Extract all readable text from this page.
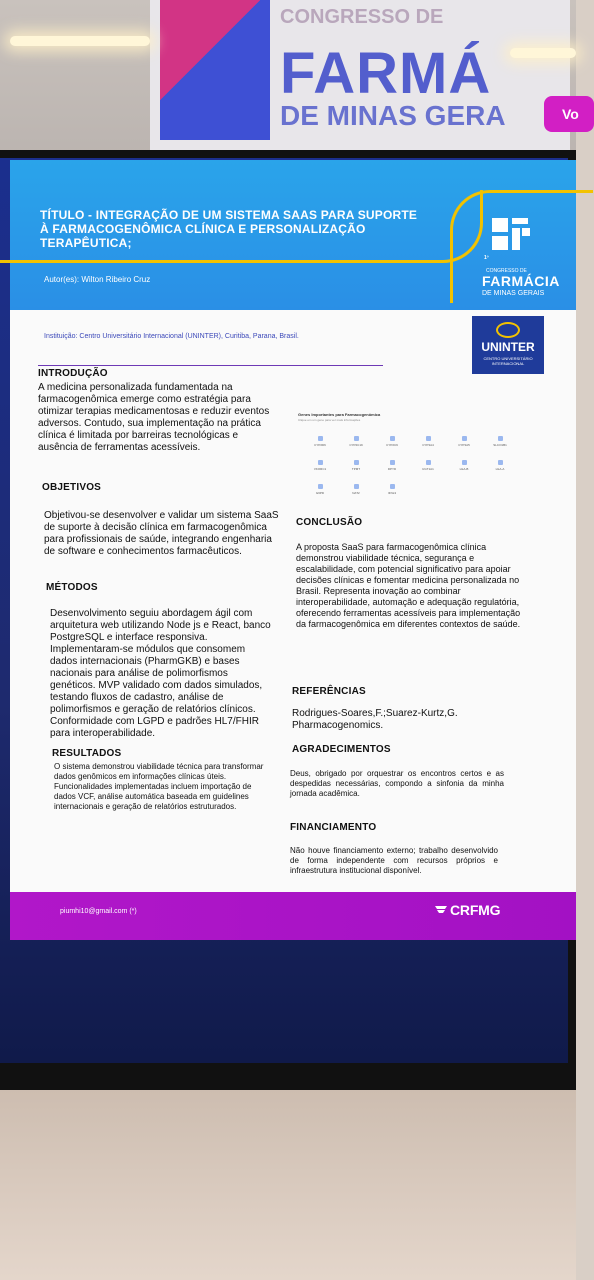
CONGRESSO DE
FARMÁ
DE MINAS GERA	Vo
TÍTULO - INTEGRAÇÃO DE UM SISTEMA SAAS PARA SUPORTE À FARMACOGENÔMICA CLÍNICA E PERSONALIZAÇÃO TERAPÊUTICA;
Autor(es): Wilton Ribeiro Cruz
1º
CONGRESSO DE
FARMÁCIA
DE MINAS GERAIS
Instituição: Centro Universitário Internacional (UNINTER), Curitiba, Parana, Brasil.
UNINTER
CENTRO UNIVERSITÁRIO INTERNACIONAL
INTRODUÇÃO
A medicina personalizada fundamentada na farmacogenômica emerge como estratégia para otimizar terapias medicamentosas e reduzir eventos adversos. Contudo, sua implementação na prática clínica é limitada por barreiras tecnológicas e ausência de ferramentas acessíveis.
OBJETIVOS
Objetivou-se desenvolver e validar um sistema SaaS de suporte à decisão clínica em farmacogenômica para profissionais de saúde, integrando engenharia de software e conhecimentos farmacêuticos.
MÉTODOS
Desenvolvimento seguiu abordagem ágil com arquitetura web utilizando Node js e React, banco PostgreSQL e interface responsiva. Implementaram-se módulos que consomem dados internacionais (PharmGKB) e bases nacionais para análise de polimorfismos genéticos. MVP validado com dados simulados, testando fluxos de cadastro, análise de polimorfismos e geração de relatórios clínicos. Conformidade com LGPD e padrões HL7/FHIR para interoperabilidade.
RESULTADOS
O sistema demonstrou viabilidade técnica para transformar dados genômicos em informações clínicas úteis. Funcionalidades implementadas incluem importação de dados VCF, análise automática baseada em guidelines internacionais e geração de relatórios estruturados.
Genes Importantes para Farmacogenômica
Clique em um gene para ver mais informações
CYP2D6	CYP2C19	CYP2C9	CYP3A4	CYP3A5	SLCO1B1
VKORC1	TPMT	DPYD	UGT1A1	HLA-B	HLA-A
G6PD	NAT2	IFNL3
CONCLUSÃO
A proposta SaaS para farmacogenômica clínica demonstrou viabilidade técnica, segurança e escalabilidade, com potencial significativo para apoiar decisões clínicas e fomentar medicina personalizada no Brasil. Representa inovação ao combinar interoperabilidade, automação e adequação regulatória, oferecendo ferramentas acessíveis para implementação da farmacogenômica em diferentes contextos de saúde.
REFERÊNCIAS
Rodrigues-Soares,F.;Suarez-Kurtz,G. Pharmacogenomics.
AGRADECIMENTOS
Deus, obrigado por orquestrar os encontros certos e as despedidas necessárias, compondo a sinfonia da minha jornada acadêmica.
FINANCIAMENTO
Não houve financiamento externo; trabalho desenvolvido de forma independente com recursos próprios e infraestrutura institucional disponível.
piumhi10@gmail.com (*)	CRFMG
